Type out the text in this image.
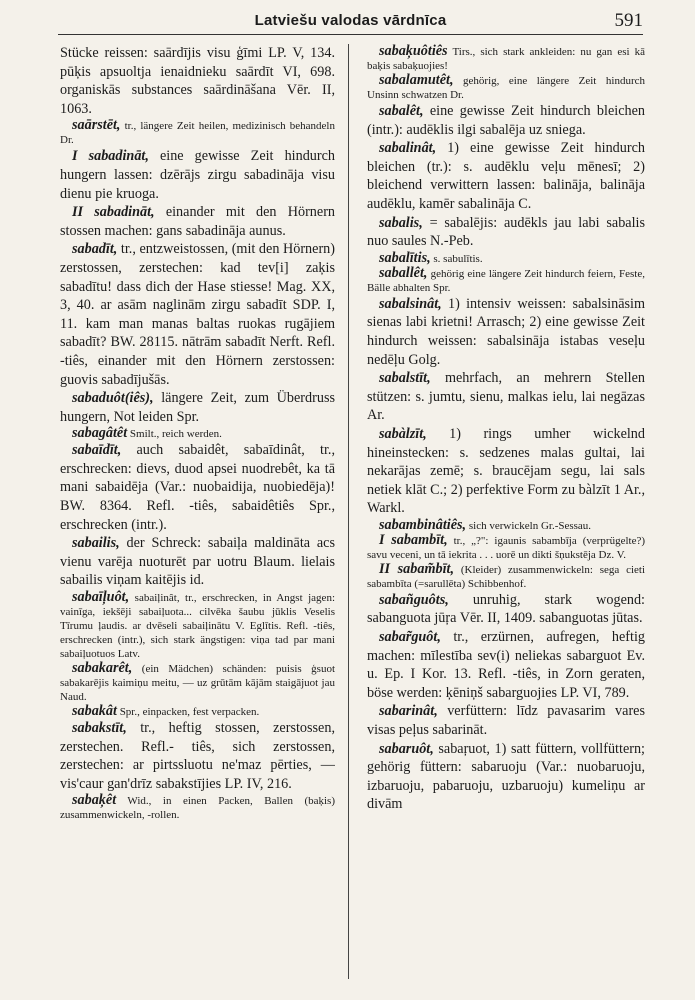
Latviešu valodas vārdnīca	591

Stücke reissen: saārdījis visu ģīmi LP. V, 134. pūķis apsuoltja ienaidnieku saārdīt VI, 698. organiskās substances saārdināšana Vēr. II, 1063.

saārstēt, tr., längere Zeit heilen, medizinisch behandeln Dr.

I sabadināt, eine gewisse Zeit hindurch hungern lassen: dzērājs zirgu sabadināja visu dienu pie kruoga.

II sabadināt, einander mit den Hörnern stossen machen: gans sabadināja aunus.

sabadīt, tr., entzweistossen, (mit den Hörnern) zerstossen, zerstechen: kad tev[i] zaķis sabadītu! dass dich der Hase stiesse! Mag. XX, 3, 40. ar asām naglinām zirgu sabadīt SDP. I, 11. kam man manas baltas ruokas rugājiem sabadīt? BW. 28115. nātrām sabadīt Nerft. Refl. -tiês, einander mit den Hörnern zerstossen: guovis sabadījušās.

sabaduôt(iês), längere Zeit, zum Überdruss hungern, Not leiden Spr.

sabagâtêt Smilt., reich werden.

sabaīdīt, auch sabaidêt, sabaīdinât, tr., erschrecken: dievs, duod apsei nuodrebêt, ka tā mani sabaidēja (Var.: nuobaidija, nuobiedēja)! BW. 8364. Refl. -tiês, sabaidêtiês Spr., erschrecken (intr.).

sabailis, der Schreck: sabaiļa maldināta acs vienu varēja nuoturēt par uotru Blaum. lielais sabailis viņam kaitējis id.

sabaīļuôt, sabaiļinât, tr., erschrecken, in Angst jagen: vainīga, iekšēji sabaiļuota... cilvēka šaubu jūklis Veselis Tīrumu ļaudis. ar dvēseli sabaiļinātu V. Eglītis. Refl. -tiês, erschrecken (intr.), sich stark ängstigen: viņa tad par mani sabaiļuotuos Latv.

sabakarêt, (ein Mädchen) schänden: puisis ģsuot sabakarējis kaimiņu meitu, — uz grūtām kājām staigājuot jau Naud.

sabakât Spr., einpacken, fest verpacken.

sabakstīt, tr., heftig stossen, zerstossen, zerstechen. Refl.- tiês, sich zerstossen, zerstechen: ar pirtssluotu ne'maz pērties, — vis'caur gan'drīz sabakstījies LP. IV, 216.

sabaķêt Wid., in einen Packen, Ballen (baķis) zusammenwickeln, -rollen.

sabaķuôtiês Tirs., sich stark ankleiden: nu gan esi kā baķis sabaķuojies!

sabalamutêt, gehörig, eine längere Zeit hindurch Unsinn schwatzen Dr.

sabalêt, eine gewisse Zeit hindurch bleichen (intr.): audēklis ilgi sabalēja uz sniega.

sabalinât, 1) eine gewisse Zeit hindurch bleichen (tr.): s. audēklu veļu mēnesī; 2) bleichend verwittern lassen: balināja, balināja audēklu, kamēr sabalināja C.

sabalis, = sabalējis: audēkls jau labi sabalis nuo saules N.-Peb.

sabalītis, s. sabulītis.

saballêt, gehörig eine längere Zeit hindurch feiern, Feste, Bälle abhalten Spr.

sabalsinât, 1) intensiv weissen: sabalsināsim sienas labi krietni! Arrasch; 2) eine gewisse Zeit hindurch weissen: sabalsināja istabas veseļu nedēļu Golg.

sabalstīt, mehrfach, an mehrern Stellen stützen: s. jumtu, sienu, malkas ielu, lai negāzas Ar.

sabàlzīt, 1) rings umher wickelnd hineinstecken: s. sedzenes malas gultai, lai nekarājas zemē; s. braucējam segu, lai sals netiek klāt C.; 2) perfektive Form zu bàlzīt 1 Ar., Warkl.

sabambinâtiês, sich verwickeln Gr.-Sessau.

I sabambīt, tr., „?": igaunis sabambīja (verprügelte?) savu veceni, un tā iekrita . . . uorē un dikti šņukstēja Dz. V.

II sabam̃bīt, (Kleider) zusammenwickeln: sega cieti sabambīta (=sarullēta) Schibbenhof.

sabañguôts, unruhig, stark wogend: sabanguota jūŗa Vēr. II, 1409. sabanguotas jūtas.

sabar̃guôt, tr., erzürnen, aufregen, heftig machen: mīlestība sev(i) neliekas sabarguot Ev. u. Ep. I Kor. 13. Refl. -tiês, in Zorn geraten, böse werden: ķēniņš sabarguojies LP. VI, 789.

sabarinât, verfüttern: līdz pavasarim vares visas peļus sabarināt.

sabaruôt, sabaŗuot, 1) satt füttern, vollfüttern; gehörig füttern: sabaruoju (Var.: nuobaruoju, izbaruoju, pabaruoju, uzbaruoju) kumeliņu ar divām
